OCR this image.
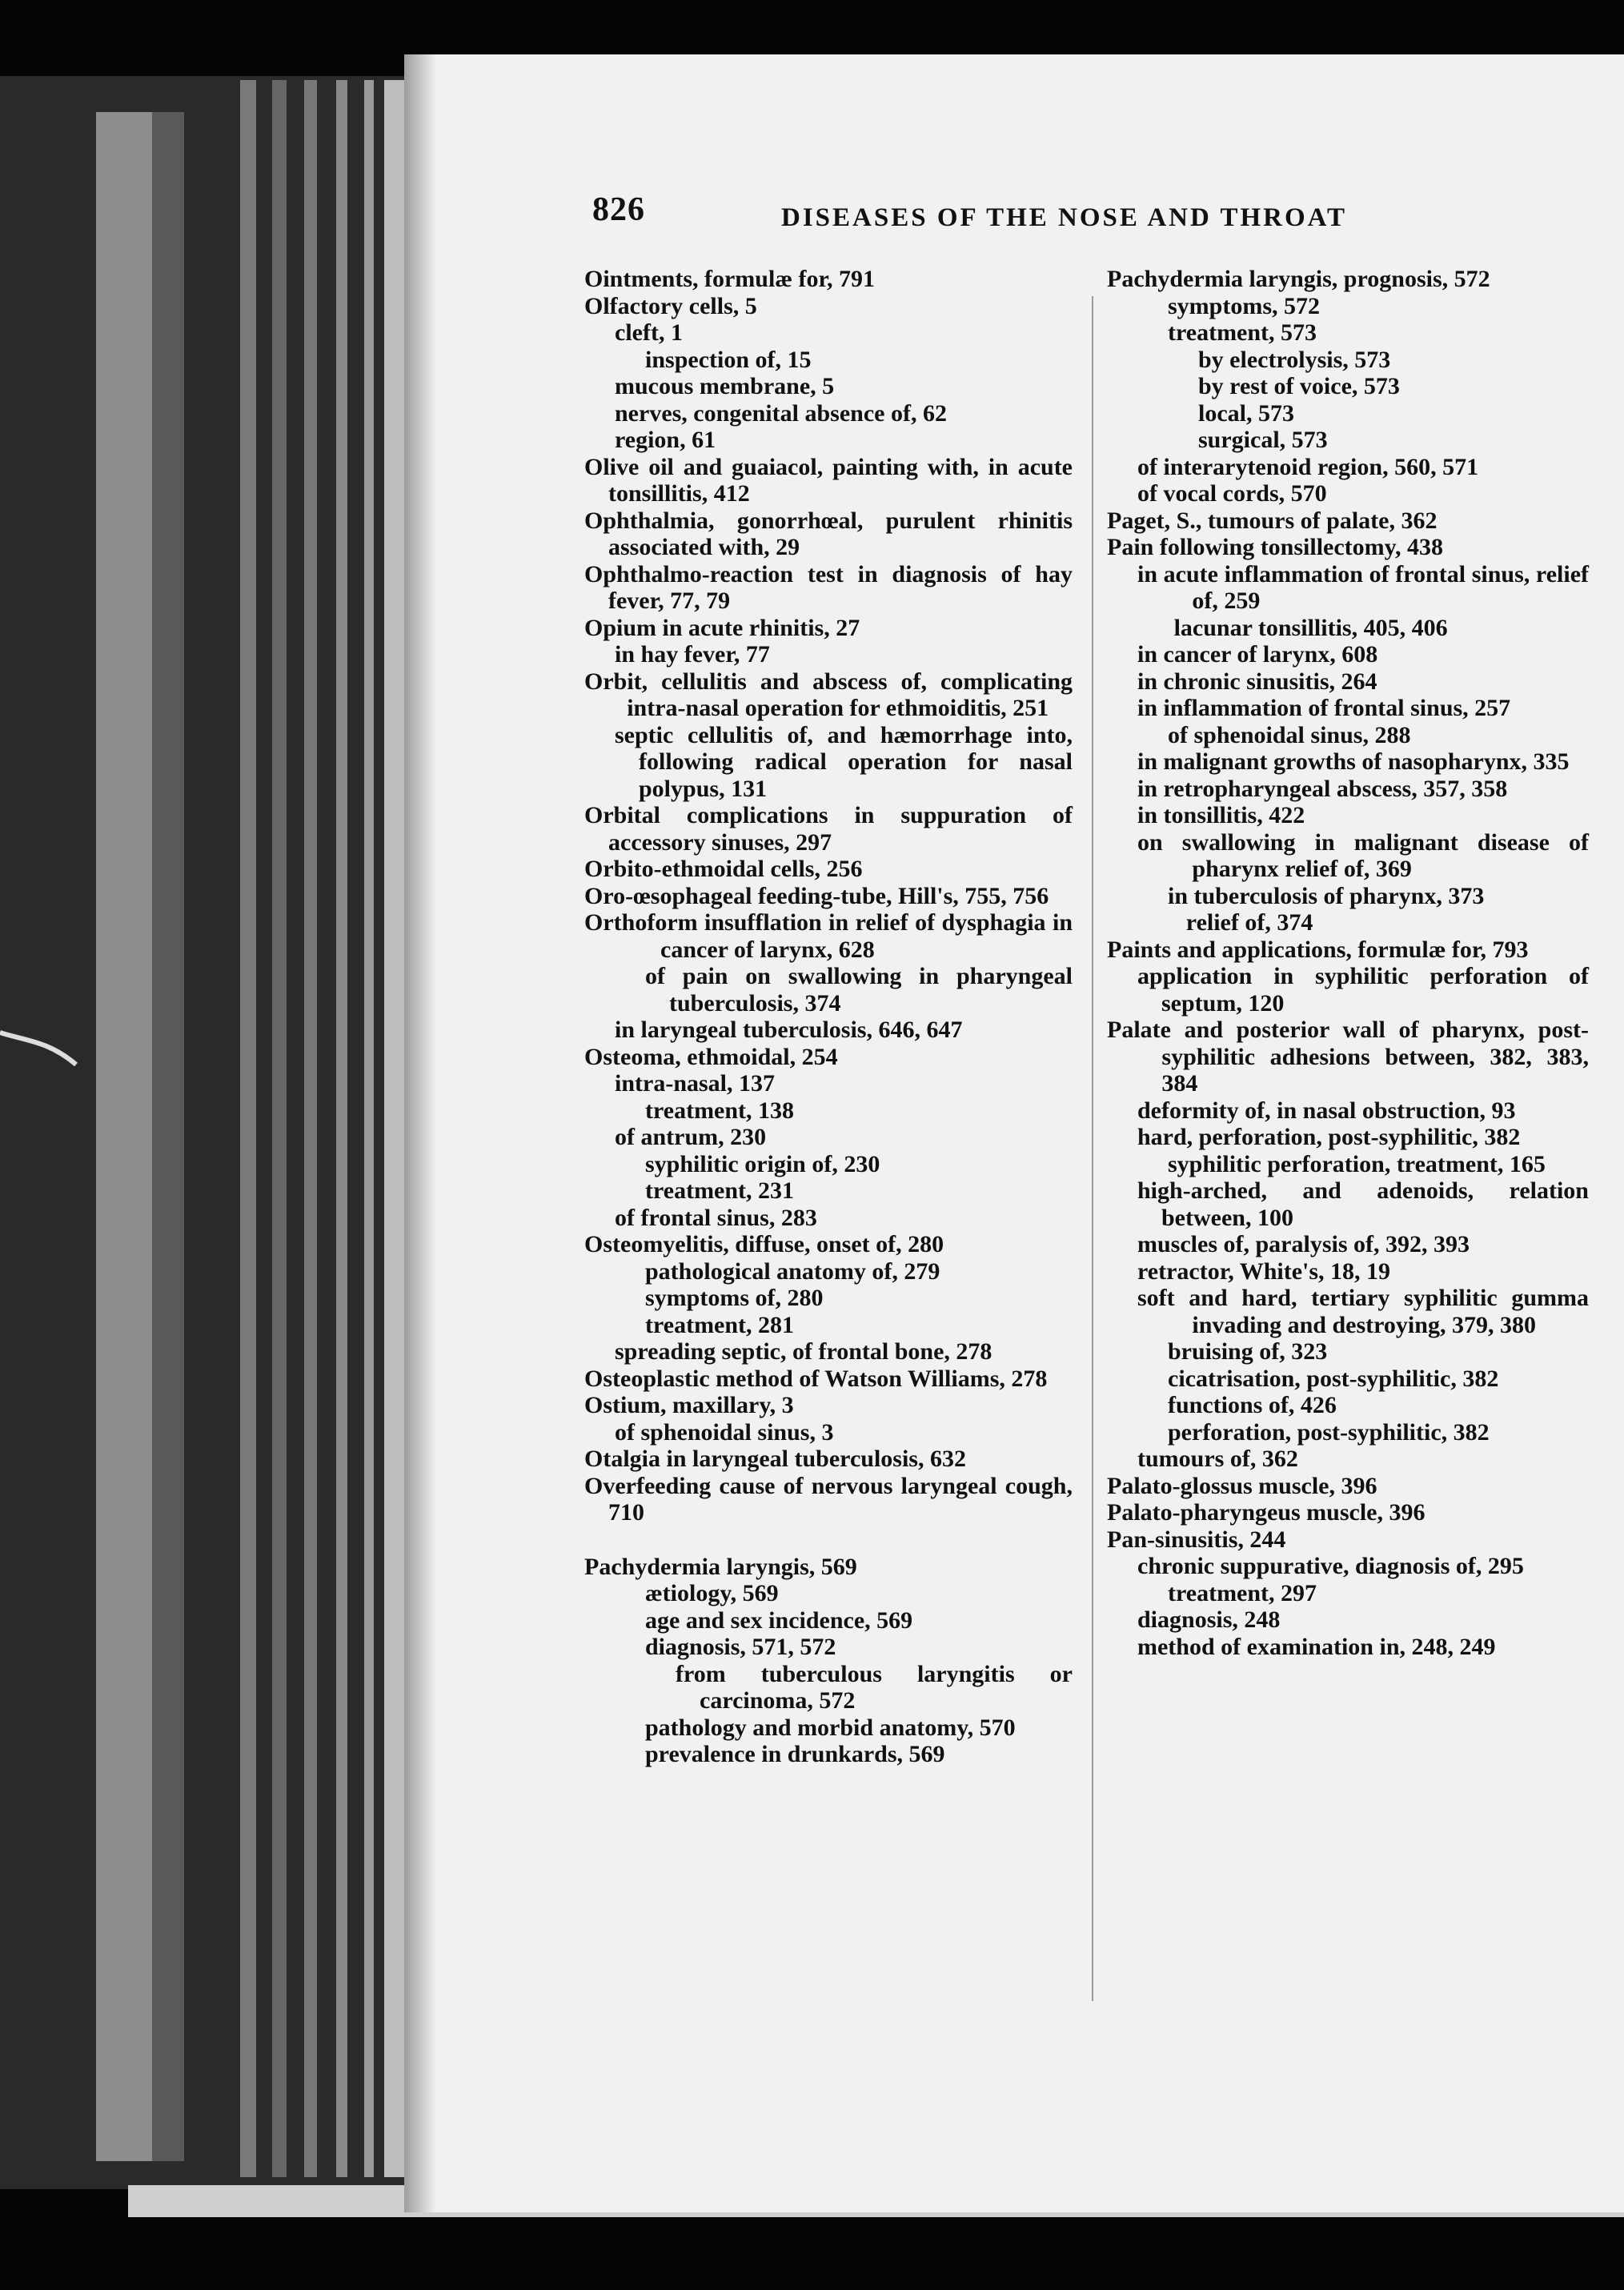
826	DISEASES OF THE NOSE AND THROAT
Ointments, formulæ for, 791
Olfactory cells, 5
cleft, 1
inspection of, 15
mucous membrane, 5
nerves, congenital absence of, 62
region, 61
Olive oil and guaiacol, painting with, in acute tonsillitis, 412
Ophthalmia, gonorrhœal, purulent rhinitis associated with, 29
Ophthalmo-reaction test in diagnosis of hay fever, 77, 79
Opium in acute rhinitis, 27
in hay fever, 77
Orbit, cellulitis and abscess of, complicating intra-nasal operation for ethmoiditis, 251
septic cellulitis of, and hæmorrhage into, following radical operation for nasal polypus, 131
Orbital complications in suppuration of accessory sinuses, 297
Orbito-ethmoidal cells, 256
Oro-œsophageal feeding-tube, Hill's, 755, 756
Orthoform insufflation in relief of dysphagia in cancer of larynx, 628
of pain on swallowing in pharyngeal tuberculosis, 374
in laryngeal tuberculosis, 646, 647
Osteoma, ethmoidal, 254
intra-nasal, 137
treatment, 138
of antrum, 230
syphilitic origin of, 230
treatment, 231
of frontal sinus, 283
Osteomyelitis, diffuse, onset of, 280
pathological anatomy of, 279
symptoms of, 280
treatment, 281
spreading septic, of frontal bone, 278
Osteoplastic method of Watson Williams, 278
Ostium, maxillary, 3
of sphenoidal sinus, 3
Otalgia in laryngeal tuberculosis, 632
Overfeeding cause of nervous laryngeal cough, 710
Pachydermia laryngis, 569
ætiology, 569
age and sex incidence, 569
diagnosis, 571, 572
from tuberculous laryngitis or carcinoma, 572
pathology and morbid anatomy, 570
prevalence in drunkards, 569
Pachydermia laryngis, prognosis, 572
symptoms, 572
treatment, 573
by electrolysis, 573
by rest of voice, 573
local, 573
surgical, 573
of interarytenoid region, 560, 571
of vocal cords, 570
Paget, S., tumours of palate, 362
Pain following tonsillectomy, 438
in acute inflammation of frontal sinus, relief of, 259
lacunar tonsillitis, 405, 406
in cancer of larynx, 608
in chronic sinusitis, 264
in inflammation of frontal sinus, 257
of sphenoidal sinus, 288
in malignant growths of nasopharynx, 335
in retropharyngeal abscess, 357, 358
in tonsillitis, 422
on swallowing in malignant disease of pharynx relief of, 369
in tuberculosis of pharynx, 373
relief of, 374
Paints and applications, formulæ for, 793
application in syphilitic perforation of septum, 120
Palate and posterior wall of pharynx, post-syphilitic adhesions between, 382, 383, 384
deformity of, in nasal obstruction, 93
hard, perforation, post-syphilitic, 382
syphilitic perforation, treatment, 165
high-arched, and adenoids, relation between, 100
muscles of, paralysis of, 392, 393
retractor, White's, 18, 19
soft and hard, tertiary syphilitic gumma invading and destroying, 379, 380
bruising of, 323
cicatrisation, post-syphilitic, 382
functions of, 426
perforation, post-syphilitic, 382
tumours of, 362
Palato-glossus muscle, 396
Palato-pharyngeus muscle, 396
Pan-sinusitis, 244
chronic suppurative, diagnosis of, 295
treatment, 297
diagnosis, 248
method of examination in, 248, 249
